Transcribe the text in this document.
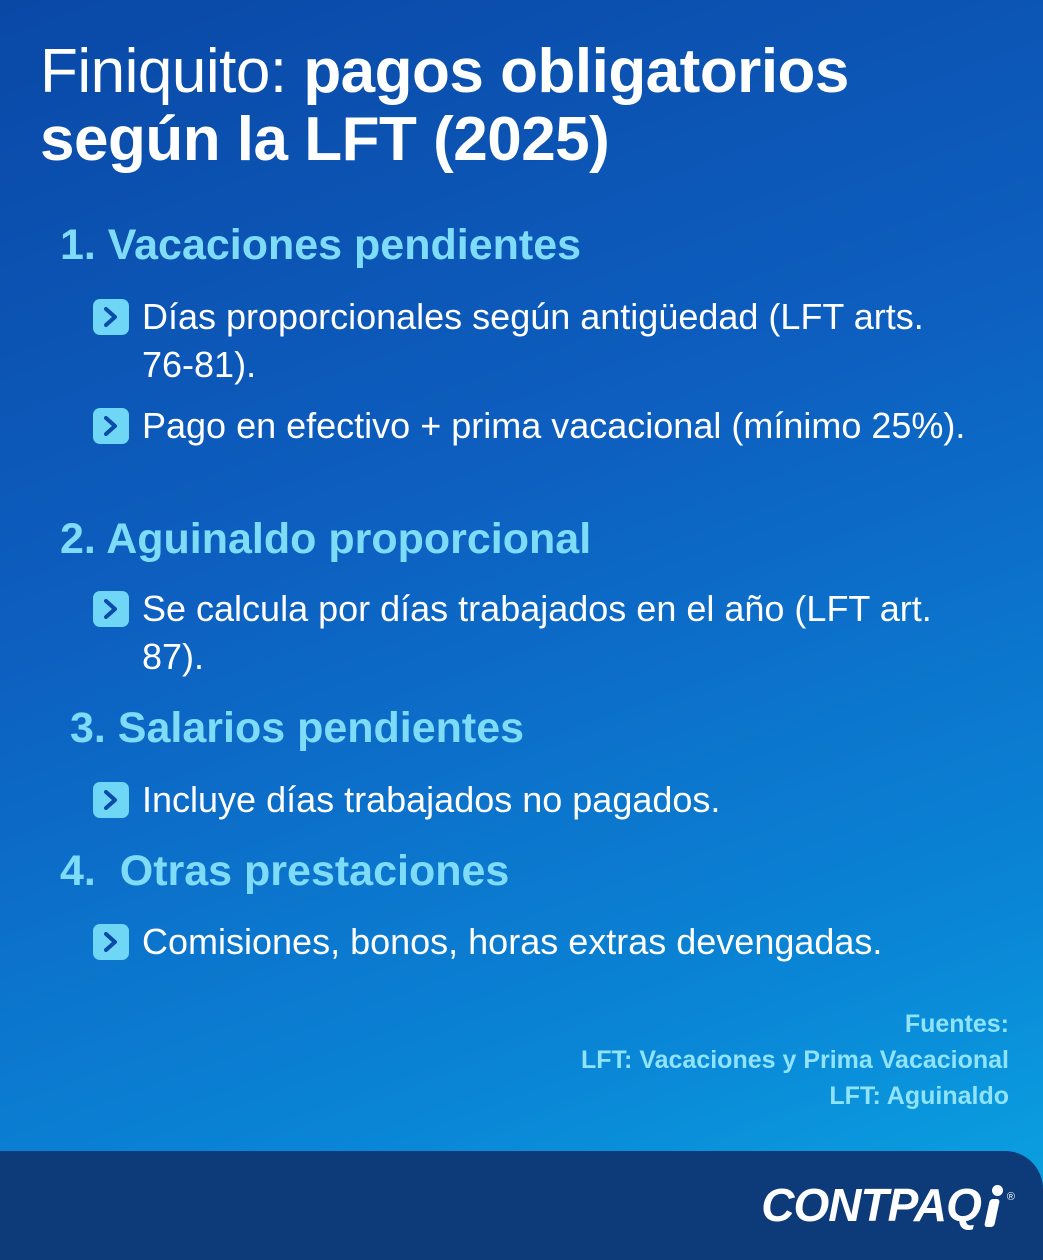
Finiquito: pagos obligatorios según la LFT (2025)
1. Vacaciones pendientes
Días proporcionales según antigüedad (LFT arts. 76-81).
Pago en efectivo + prima vacacional (mínimo 25%).
2. Aguinaldo proporcional
Se calcula por días trabajados en el año (LFT art. 87).
3. Salarios pendientes
Incluye días trabajados no pagados.
4.  Otras prestaciones
Comisiones, bonos, horas extras devengadas.
Fuentes:
LFT: Vacaciones y Prima Vacacional
LFT: Aguinaldo
CONTPAQ ®
